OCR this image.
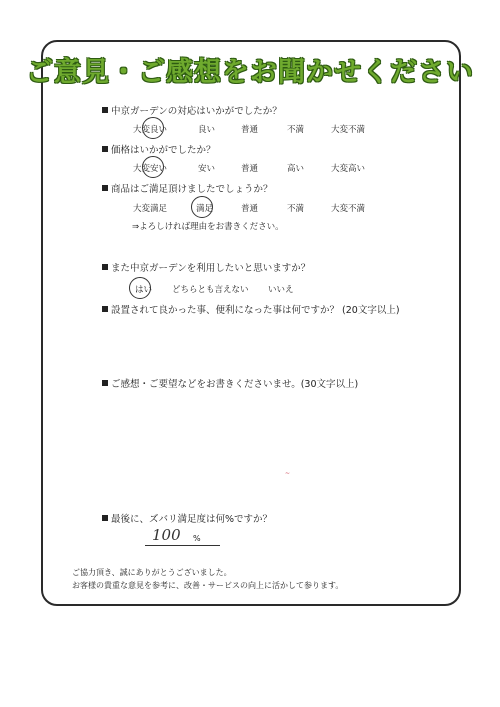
ご意見・ご感想をお聞かせください
中京ガーデンの対応はいかがでしたか？
大変良い	良い	普通	不満	大変不満
価格はいかがでしたか？
大変安い	安い	普通	高い	大変高い
商品はご満足頂けましたでしょうか？
大変満足	満足	普通	不満	大変不満
⇒よろしければ理由をお書きください。
また中京ガーデンを利用したいと思いますか？
はい どちらとも言えない いいえ
設置されて良かった事、便利になった事は何ですか？ (20文字以上)
ご感想・ご要望などをお書きくださいませ。(30文字以上)
~
最後に、ズバリ満足度は何%ですか？
100 %
ご協力頂き、誠にありがとうございました。
お客様の貴重な意見を参考に、改善・サービスの向上に活かして参ります。
